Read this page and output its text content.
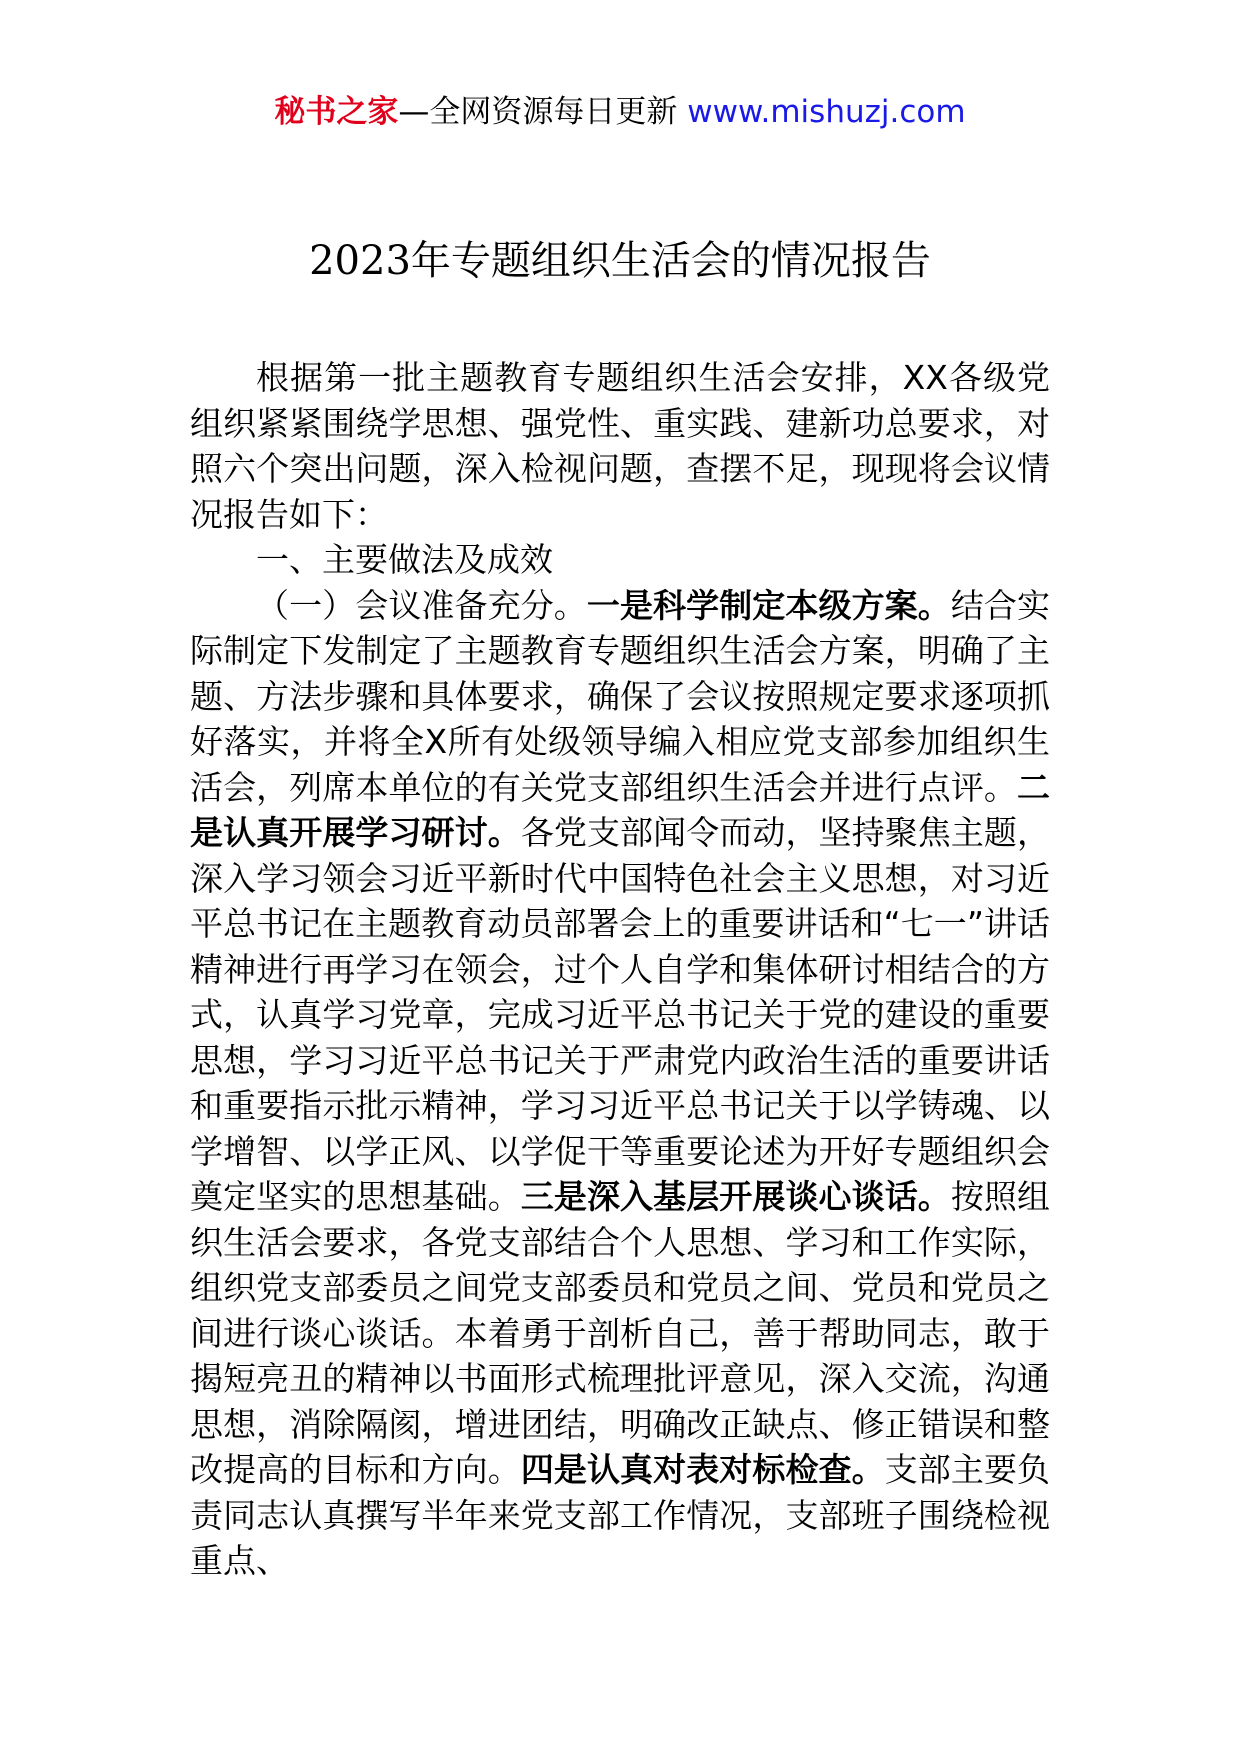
秘书之家—全网资源每日更新 www.mishuzj.com
2023年专题组织生活会的情况报告

根据第一批主题教育专题组织生活会安排，XX各级党组织紧紧围绕学思想、强党性、重实践、建新功总要求，对照六个突出问题，深入检视问题，查摆不足，现现将会议情况报告如下：

一、主要做法及成效

（一）会议准备充分。一是科学制定本级方案。结合实际制定下发制定了主题教育专题组织生活会方案，明确了主题、方法步骤和具体要求，确保了会议按照规定要求逐项抓好落实，并将全X所有处级领导编入相应党支部参加组织生活会，列席本单位的有关党支部组织生活会并进行点评。二是认真开展学习研讨。各党支部闻令而动，坚持聚焦主题，深入学习领会习近平新时代中国特色社会主义思想，对习近平总书记在主题教育动员部署会上的重要讲话和“七一”讲话精神进行再学习在领会，过个人自学和集体研讨相结合的方式，认真学习党章，完成习近平总书记关于党的建设的重要思想，学习习近平总书记关于严肃党内政治生活的重要讲话和重要指示批示精神，学习习近平总书记关于以学铸魂、以学增智、以学正风、以学促干等重要论述为开好专题组织会奠定坚实的思想基础。三是深入基层开展谈心谈话。按照组织生活会要求，各党支部结合个人思想、学习和工作实际，组织党支部委员之间党支部委员和党员之间、党员和党员之间进行谈心谈话。本着勇于剖析自己，善于帮助同志，敢于揭短亮丑的精神以书面形式梳理批评意见，深入交流，沟通思想，消除隔阂，增进团结，明确改正缺点、修正错误和整改提高的目标和方向。四是认真对表对标检查。支部主要负责同志认真撰写半年来党支部工作情况，支部班子围绕检视重点、
